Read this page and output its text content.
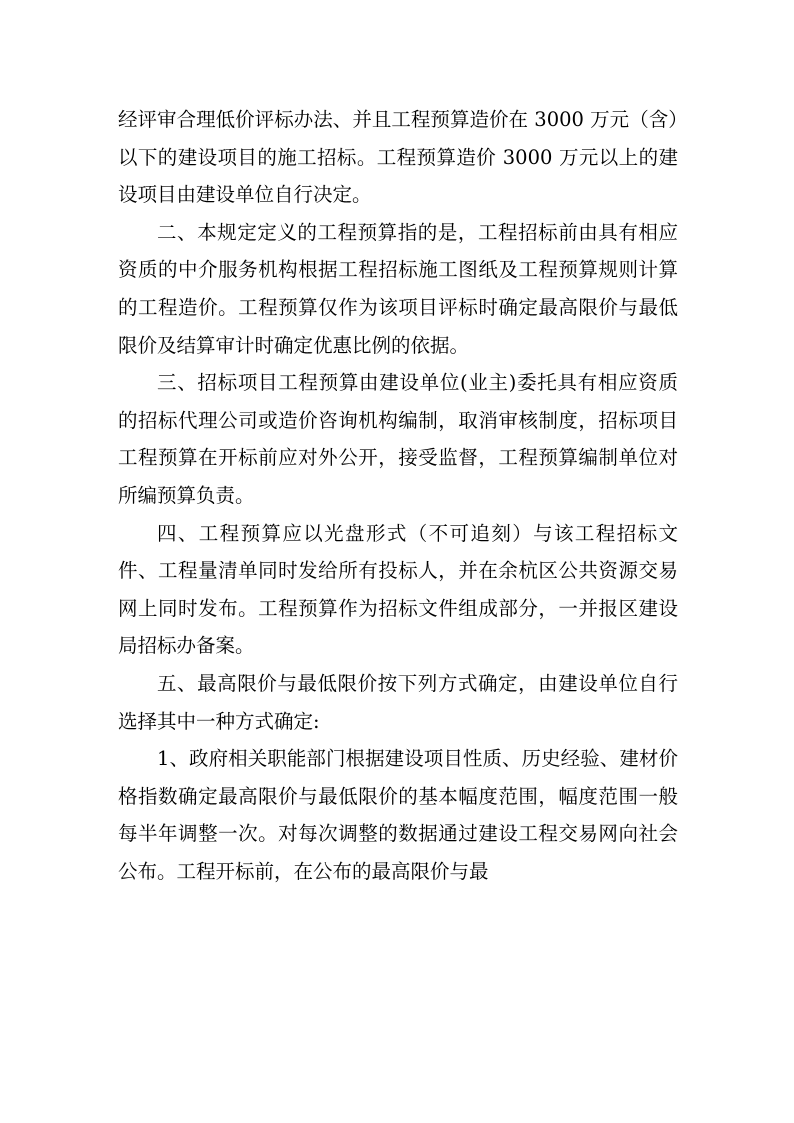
经评审合理低价评标办法、并且工程预算造价在 3000 万元（含）以下的建设项目的施工招标。工程预算造价 3000 万元以上的建设项目由建设单位自行决定。

二、本规定定义的工程预算指的是，工程招标前由具有相应资质的中介服务机构根据工程招标施工图纸及工程预算规则计算的工程造价。工程预算仅作为该项目评标时确定最高限价与最低限价及结算审计时确定优惠比例的依据。

三、招标项目工程预算由建设单位(业主)委托具有相应资质的招标代理公司或造价咨询机构编制，取消审核制度，招标项目工程预算在开标前应对外公开，接受监督，工程预算编制单位对所编预算负责。

四、工程预算应以光盘形式（不可追刻）与该工程招标文件、工程量清单同时发给所有投标人，并在余杭区公共资源交易网上同时发布。工程预算作为招标文件组成部分，一并报区建设局招标办备案。

五、最高限价与最低限价按下列方式确定，由建设单位自行选择其中一种方式确定:

1、政府相关职能部门根据建设项目性质、历史经验、建材价格指数确定最高限价与最低限价的基本幅度范围，幅度范围一般每半年调整一次。对每次调整的数据通过建设工程交易网向社会公布。工程开标前，在公布的最高限价与最
